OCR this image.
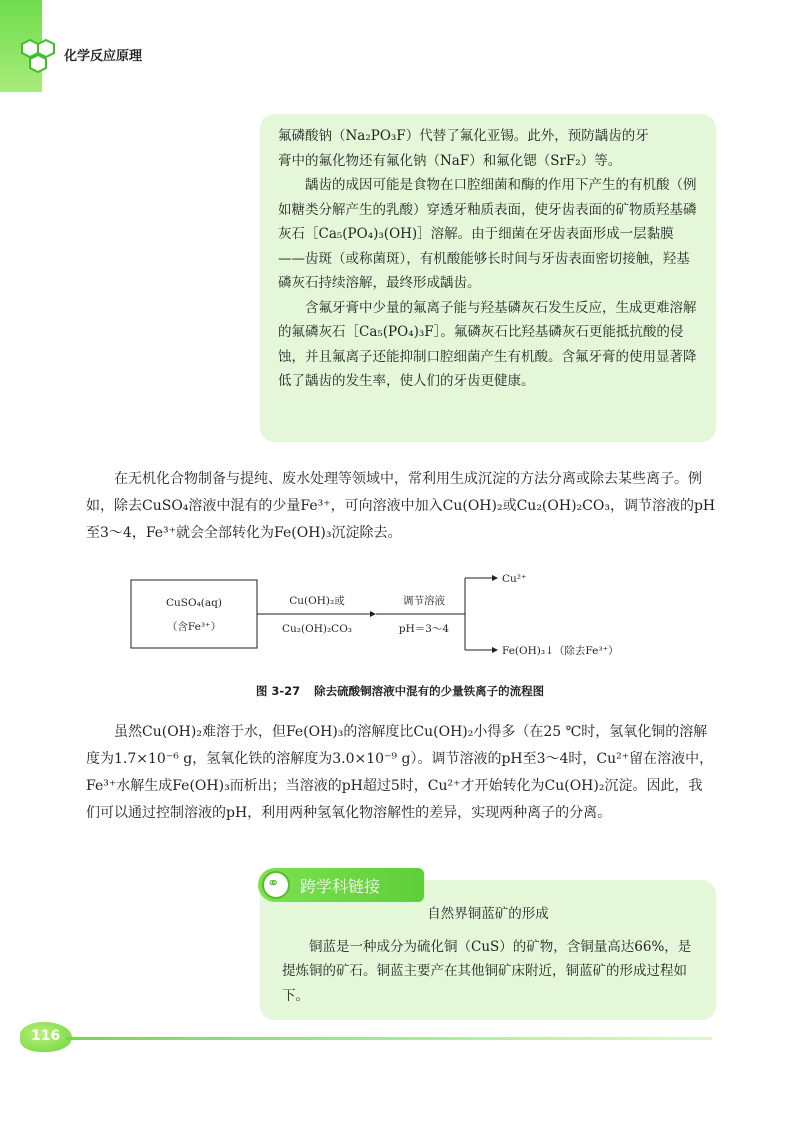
化学反应原理

氟磷酸钠（Na₂PO₃F）代替了氟化亚锡。此外，预防龋齿的牙

膏中的氟化物还有氟化钠（NaF）和氟化锶（SrF₂）等。

龋齿的成因可能是食物在口腔细菌和酶的作用下产生的有机酸（例如糖类分解产生的乳酸）穿透牙釉质表面，使牙齿表面的矿物质羟基磷灰石［Ca₅(PO₄)₃(OH)］溶解。由于细菌在牙齿表面形成一层黏膜——齿斑（或称菌斑），有机酸能够长时间与牙齿表面密切接触，羟基磷灰石持续溶解，最终形成龋齿。

含氟牙膏中少量的氟离子能与羟基磷灰石发生反应，生成更难溶解的氟磷灰石［Ca₅(PO₄)₃F］。氟磷灰石比羟基磷灰石更能抵抗酸的侵蚀，并且氟离子还能抑制口腔细菌产生有机酸。含氟牙膏的使用显著降低了龋齿的发生率，使人们的牙齿更健康。

在无机化合物制备与提纯、废水处理等领域中，常利用生成沉淀的方法分离或除去某些离子。例如，除去CuSO₄溶液中混有的少量Fe³⁺，可向溶液中加入Cu(OH)₂或Cu₂(OH)₂CO₃，调节溶液的pH至3～4，Fe³⁺就会全部转化为Fe(OH)₃沉淀除去。

CuSO₄(aq)
（含Fe³⁺）
Cu(OH)₂或
Cu₂(OH)₂CO₃
调节溶液
pH＝3～4
Cu²⁺
Fe(OH)₃↓（除去Fe³⁺）
图 3-27 除去硫酸铜溶液中混有的少量铁离子的流程图

虽然Cu(OH)₂难溶于水，但Fe(OH)₃的溶解度比Cu(OH)₂小得多（在25 ℃时，氢氧化铜的溶解度为1.7×10⁻⁶ g，氢氧化铁的溶解度为3.0×10⁻⁹ g）。调节溶液的pH至3～4时，Cu²⁺留在溶液中，Fe³⁺水解生成Fe(OH)₃而析出；当溶液的pH超过5时，Cu²⁺才开始转化为Cu(OH)₂沉淀。因此，我们可以通过控制溶液的pH，利用两种氢氧化物溶解性的差异，实现两种离子的分离。

自然界铜蓝矿的形成

铜蓝是一种成分为硫化铜（CuS）的矿物，含铜量高达66%，是提炼铜的矿石。铜蓝主要产在其他铜矿床附近，铜蓝矿的形成过程如下。

⚭ 跨学科链接
116
